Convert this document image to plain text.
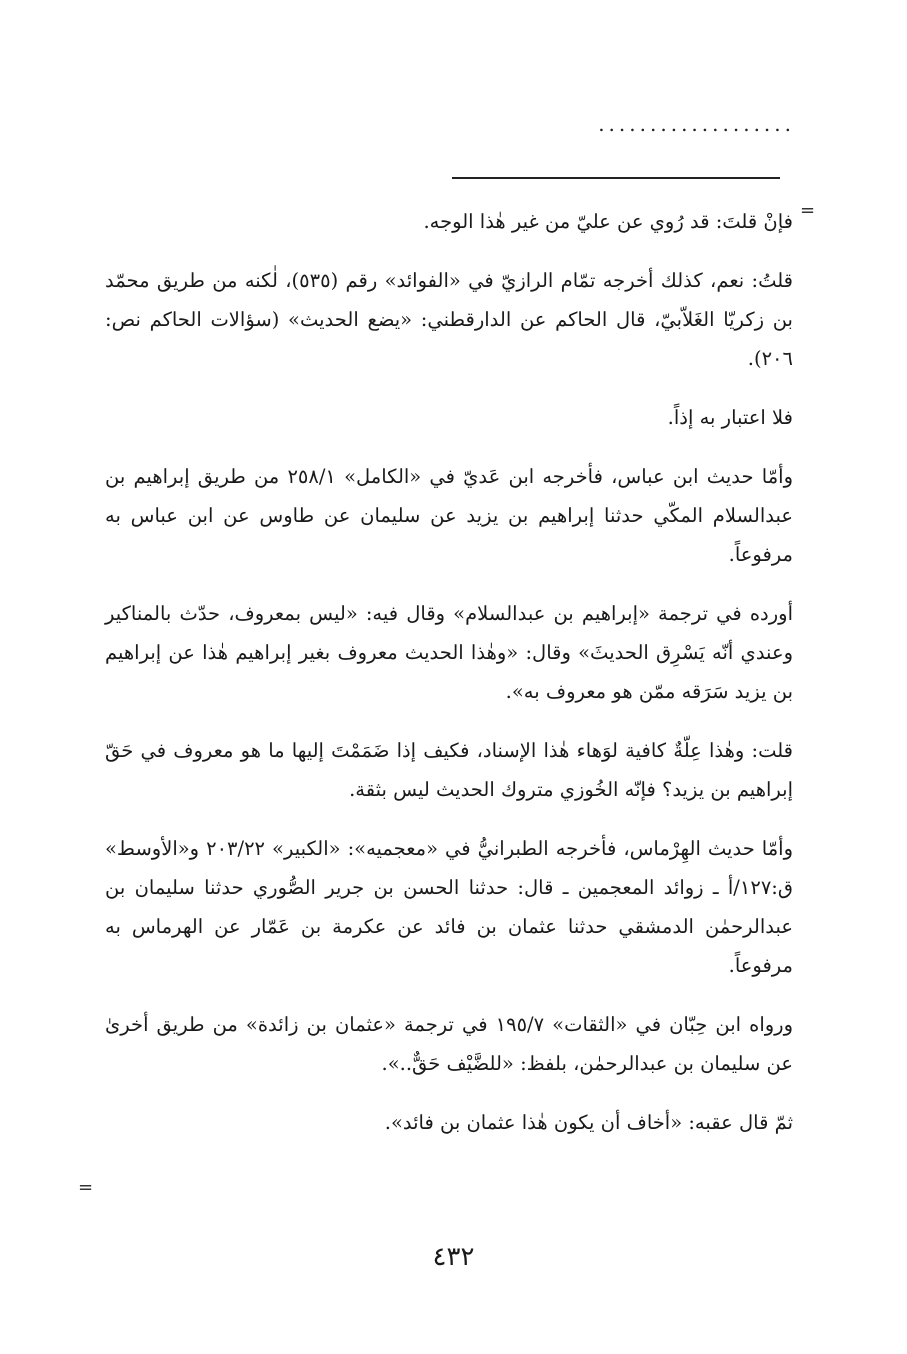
...................
=

فإنْ قلتَ: قد رُوي عن عليّ من غير هٰذا الوجه.

قلتُ: نعم، كذلك أخرجه تمّام الرازيّ في «الفوائد» رقم (٥٣٥)، لٰكنه من طريق محمّد بن زكريّا الغَلاّبيّ، قال الحاكم عن الدارقطني: «يضع الحديث» (سؤالات الحاكم نص: ٢٠٦).

فلا اعتبار به إذاً.

وأمّا حديث ابن عباس، فأخرجه ابن عَديّ في «الكامل» ٢٥٨/١ من طريق إبراهيم بن عبدالسلام المكّي حدثنا إبراهيم بن يزيد عن سليمان عن طاوس عن ابن عباس به مرفوعاً.

أورده في ترجمة «إبراهيم بن عبدالسلام» وقال فيه: «ليس بمعروف، حدّث بالمناكير وعندي أنّه يَسْرِق الحديثَ» وقال: «وهٰذا الحديث معروف بغير إبراهيم هٰذا عن إبراهيم بن يزيد سَرَقه ممّن هو معروف به».

قلت: وهٰذا عِلّةٌ كافية لوَهاء هٰذا الإسناد، فكيف إذا ضَمَمْتَ إليها ما هو معروف في حَقّ إبراهيم بن يزيد؟ فإنّه الخُوزي متروك الحديث ليس بثقة.

وأمّا حديث الهِرْماس، فأخرجه الطبرانيُّ في «معجميه»: «الكبير» ٢٠٣/٢٢ و«الأوسط» ق:١٢٧/أ ـ زوائد المعجمين ـ قال: حدثنا الحسن بن جرير الصُّوري حدثنا سليمان بن عبدالرحمٰن الدمشقي حدثنا عثمان بن فائد عن عكرمة بن عَمّار عن الهرماس به مرفوعاً.

ورواه ابن حِبّان في «الثقات» ١٩٥/٧ في ترجمة «عثمان بن زائدة» من طريق أخرىٰ عن سليمان بن عبدالرحمٰن، بلفظ: «للضَّيْف حَقٌّ..».

ثمّ قال عقبه: «أخاف أن يكون هٰذا عثمان بن فائد».

=
٤٣٢
